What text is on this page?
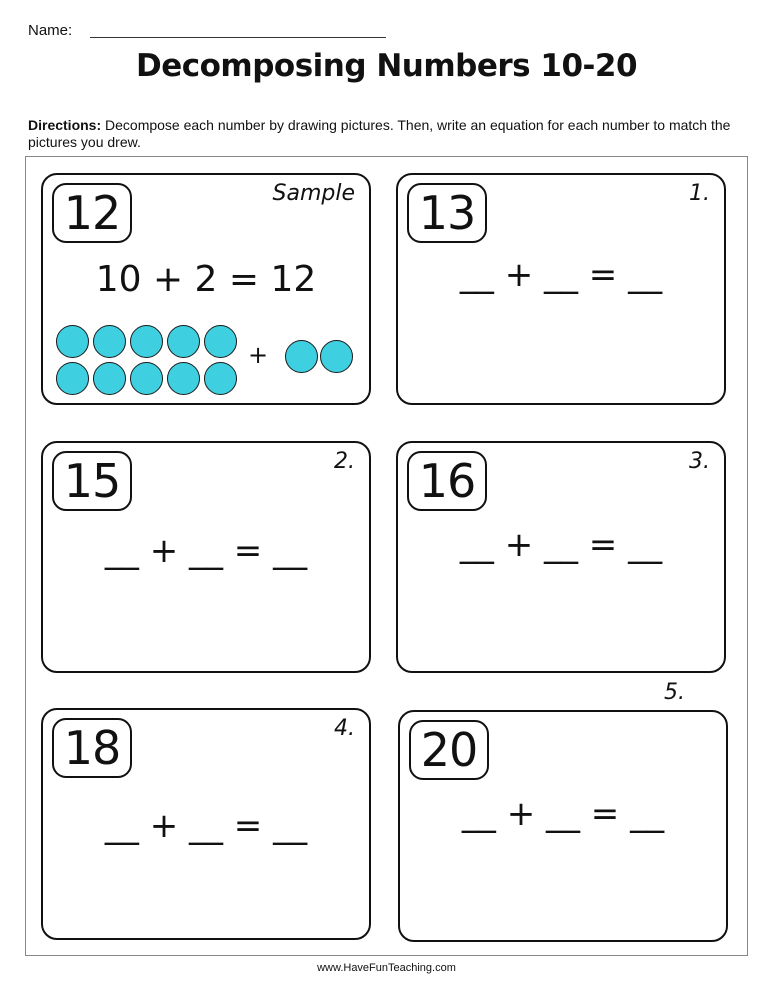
Name:
Decomposing Numbers 10-20
Directions: Decompose each number by drawing pictures. Then, write an equation for each number to match the pictures you drew.
12	Sample
10 + 2 = 12
+
13	1.
__ + __ = __
15	2.
__ + __ = __
16	3.
__ + __ = __
18	4.
__ + __ = __
5.
20
__ + __ = __
www.HaveFunTeaching.com
